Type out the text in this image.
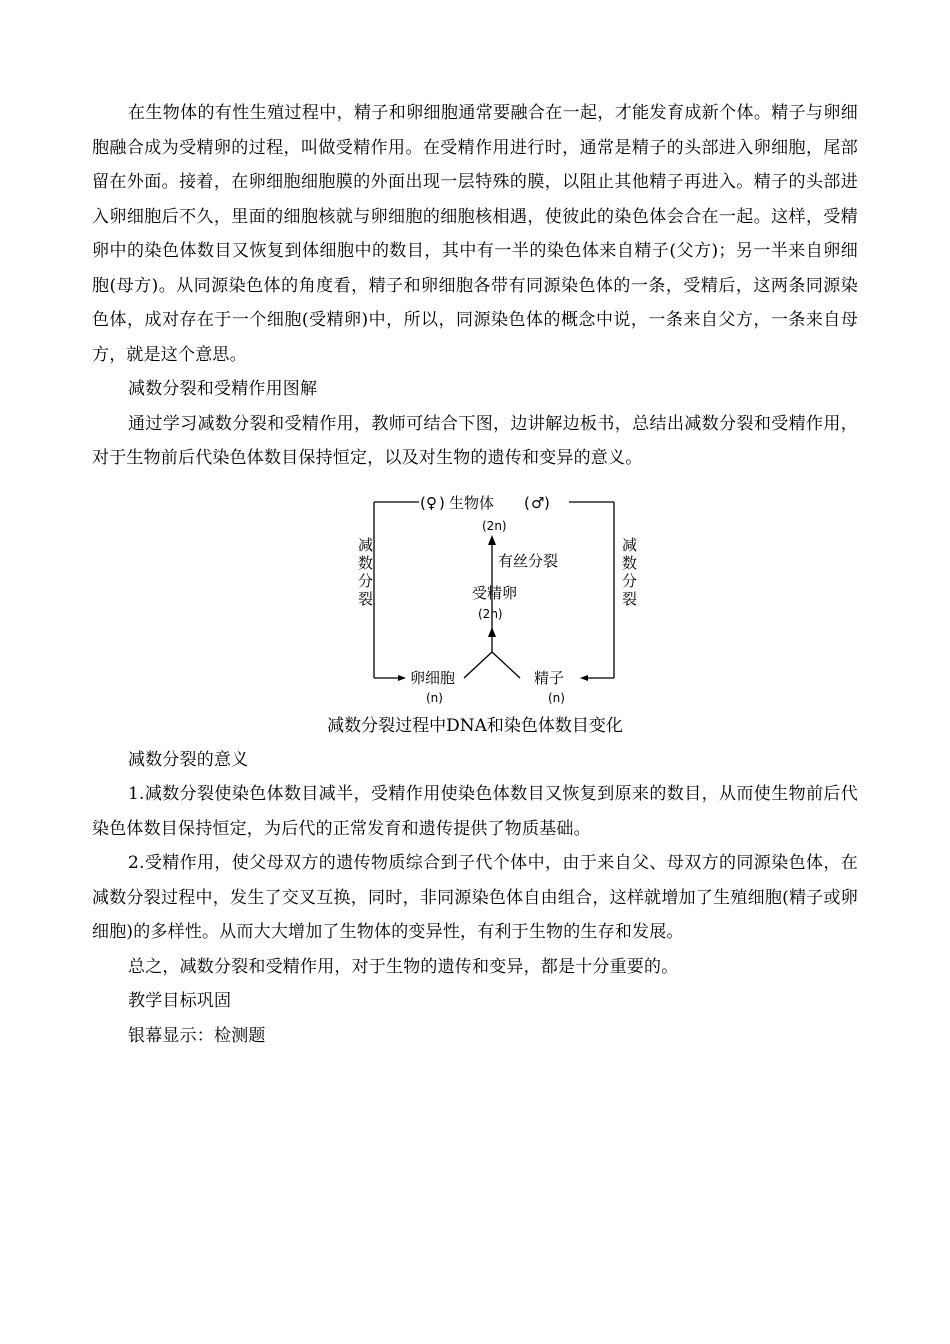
在生物体的有性生殖过程中，精子和卵细胞通常要融合在一起，才能发育成新个体。精子与卵细胞融合成为受精卵的过程，叫做受精作用。在受精作用进行时，通常是精子的头部进入卵细胞，尾部留在外面。接着，在卵细胞细胞膜的外面出现一层特殊的膜，以阻止其他精子再进入。精子的头部进入卵细胞后不久，里面的细胞核就与卵细胞的细胞核相遇，使彼此的染色体会合在一起。这样，受精卵中的染色体数目又恢复到体细胞中的数目，其中有一半的染色体来自精子(父方)；另一半来自卵细胞(母方)。从同源染色体的角度看，精子和卵细胞各带有同源染色体的一条，受精后，这两条同源染色体，成对存在于一个细胞(受精卵)中，所以，同源染色体的概念中说，一条来自父方，一条来自母方，就是这个意思。

减数分裂和受精作用图解

通过学习减数分裂和受精作用，教师可结合下图，边讲解边板书，总结出减数分裂和受精作用，对于生物前后代染色体数目保持恒定，以及对生物的遗传和变异的意义。

♀
( ) 生物体 ( ♂ )
(2n)
有丝分裂
受精卵
(2n)
减数分裂
减数分裂
卵细胞
(n)
精子
(n)

减数分裂过程中DNA和染色体数目变化

减数分裂的意义

1.减数分裂使染色体数目减半，受精作用使染色体数目又恢复到原来的数目，从而使生物前后代染色体数目保持恒定，为后代的正常发育和遗传提供了物质基础。

2.受精作用，使父母双方的遗传物质综合到子代个体中，由于来自父、母双方的同源染色体，在减数分裂过程中，发生了交叉互换，同时，非同源染色体自由组合，这样就增加了生殖细胞(精子或卵细胞)的多样性。从而大大增加了生物体的变异性，有利于生物的生存和发展。

总之，减数分裂和受精作用，对于生物的遗传和变异，都是十分重要的。

教学目标巩固

银幕显示：检测题
